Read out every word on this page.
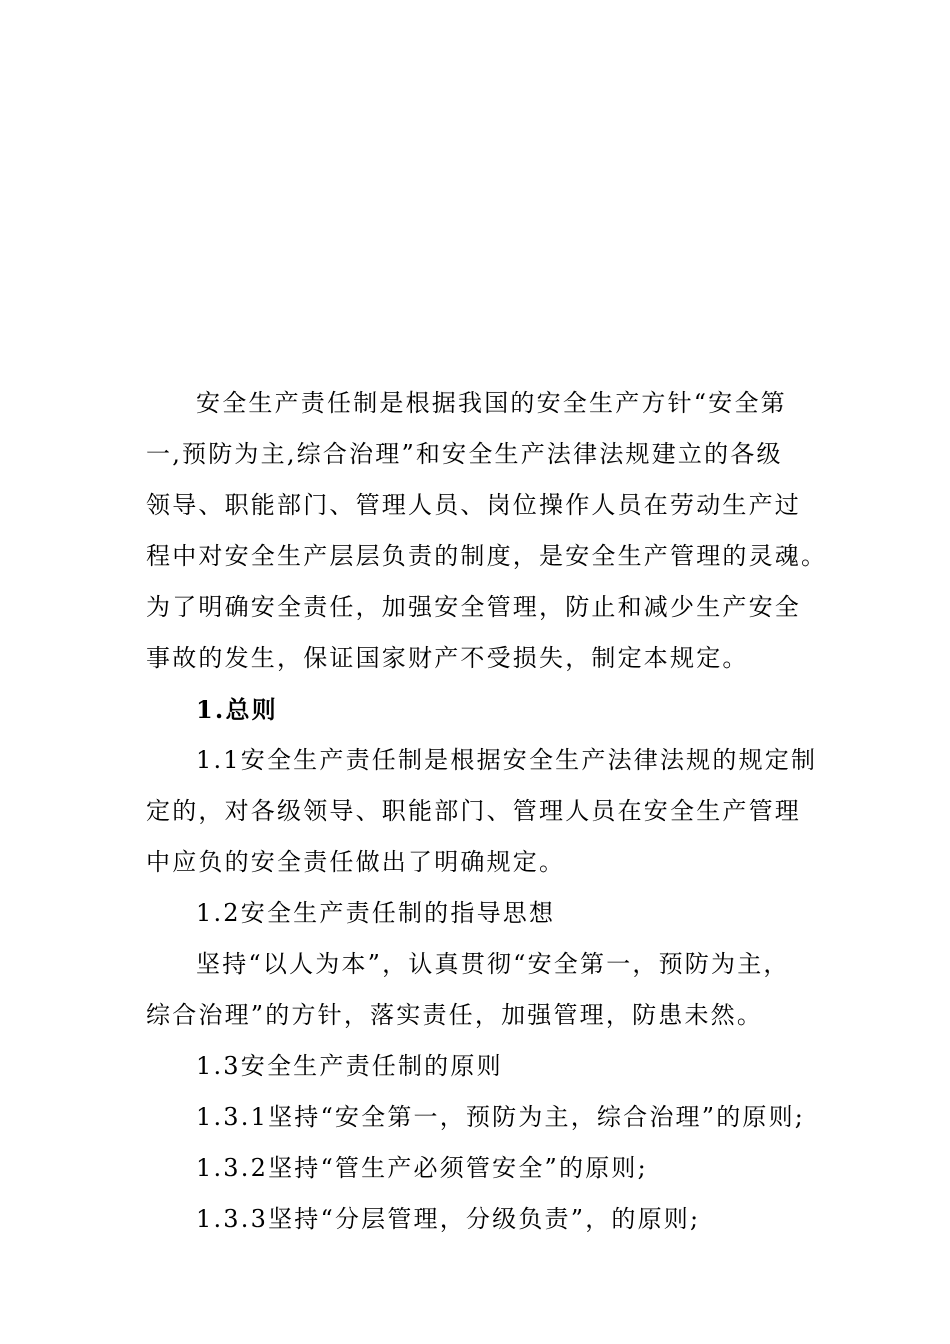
安全生产责任制是根据我国的安全生产方针“安全第
一,预防为主,综合治理”和安全生产法律法规建立的各级
领导、职能部门、管理人员、岗位操作人员在劳动生产过
程中对安全生产层层负责的制度，是安全生产管理的灵魂。
为了明确安全责任，加强安全管理，防止和减少生产安全
事故的发生，保证国家财产不受损失，制定本规定。
1.总则
1.1安全生产责任制是根据安全生产法律法规的规定制
定的，对各级领导、职能部门、管理人员在安全生产管理
中应负的安全责任做出了明确规定。
1.2安全生产责任制的指导思想
坚持“以人为本”，认真贯彻“安全第一，预防为主，
综合治理”的方针，落实责任，加强管理，防患未然。
1.3安全生产责任制的原则
1.3.1坚持“安全第一，预防为主，综合治理”的原则;
1.3.2坚持“管生产必须管安全”的原则;
1.3.3坚持“分层管理，分级负责”，的原则;
